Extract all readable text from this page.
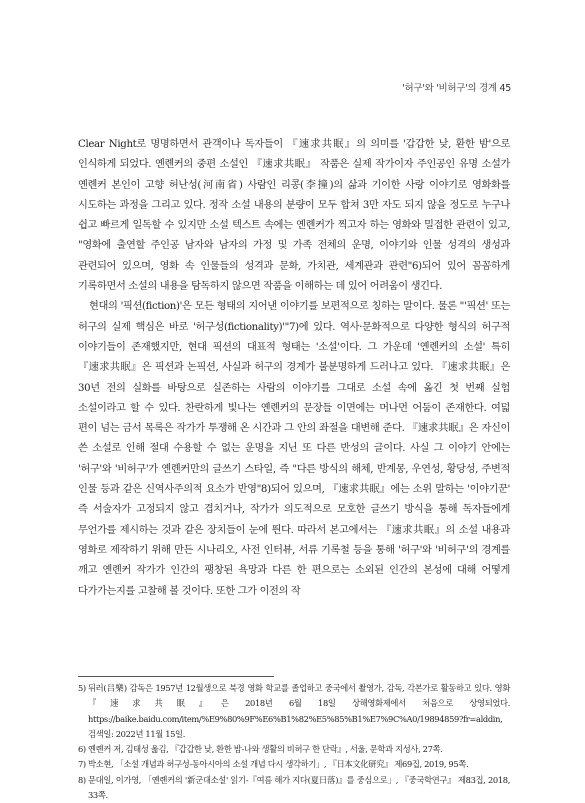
'허구'와 '비허구'의 경계 45

Clear Night로 명명하면서 관객이나 독자들이 『速求共眠』의 의미를 '갑갑한 낮, 환한 밤'으로 인식하게 되었다. 옌롄커의 중편 소설인 『速求共眠』 작품은 실제 작가이자 주인공인 유명 소설가 옌롄커 본인이 고향 허난성(河南省) 사람인 리콩(李撞)의 삶과 기이한 사랑 이야기로 영화화를 시도하는 과정을 그리고 있다. 정작 소설 내용의 분량이 모두 합쳐 3만 자도 되지 않을 정도로 누구나 쉽고 빠르게 일독할 수 있지만 소설 텍스트 속에는 옌롄커가 찍고자 하는 영화와 밀접한 관련이 있고, "영화에 출연할 주인공 남자와 남자의 가정 및 가족 전체의 운명, 이야기와 인물 성격의 생성과 관련되어 있으며, 영화 속 인물들의 성격과 문화, 가치관, 세계관과 관련"6)되어 있어 꼼꼼하게 기록하면서 소설의 내용을 탐독하지 않으면 작품을 이해하는 데 있어 어려움이 생긴다.

현대의 '픽션(fiction)'은 모든 형태의 지어낸 이야기를 보편적으로 칭하는 말이다. 물론 "'픽션' 또는 허구의 실제 핵심은 바로 '허구성(fictionality)'"7)에 있다. 역사·문화적으로 다양한 형식의 허구적 이야기들이 존재했지만, 현대 픽션의 대표적 형태는 '소설'이다. 그 가운데 '옌롄커의 소설' 특히 『速求共眠』은 픽션과 논픽션, 사실과 허구의 경계가 불분명하게 드러나고 있다. 『速求共眠』은 30년 전의 실화를 바탕으로 실존하는 사람의 이야기를 그대로 소설 속에 옮긴 첫 번째 실험 소설이라고 할 수 있다. 찬란하게 빛나는 옌롄커의 문장들 이면에는 머나먼 어둠이 존재한다. 여덟 편이 넘는 금서 목록은 작가가 투쟁해 온 시간과 그 안의 좌절을 대변해 준다. 『速求共眠』은 자신이 쓴 소설로 인해 절대 수용할 수 없는 운명을 지닌 또 다른 반성의 글이다. 사실 그 이야기 안에는 '허구'와 '비허구'가 옌롄커만의 글쓰기 스타일, 즉 "다른 방식의 해체, 반계몽, 우연성, 황당성, 주변적 인물 등과 같은 신역사주의적 요소가 반영"8)되어 있으며, 『速求共眠』에는 소위 말하는 '이야기꾼' 즉 서술자가 고정되지 않고 겹치거나, 작가가 의도적으로 모호한 글쓰기 방식을 통해 독자들에게 무언가를 제시하는 것과 같은 장치들이 눈에 띈다. 따라서 본고에서는 『速求共眠』의 소설 내용과 영화로 제작하기 위해 만든 시나리오, 사전 인터뷰, 서류 기록철 등을 통해 '허구'와 '비허구'의 경계를 깨고 옌롄커 작가가 인간의 팽창된 욕망과 다른 한 편으로는 소외된 인간의 본성에 대해 어떻게 다가가는지를 고찰해 볼 것이다. 또한 그가 이전의 작

5) 뒤러(吕樂) 감독은 1957년 12월생으로 북경 영화 학교를 졸업하고 중국에서 촬영가, 감독, 각본가로 활동하고 있다. 영화 『速求共眠』은 2018년 6월 18일 상해영화제에서 처음으로 상영되었다. https://baike.baidu.com/item/%E9%80%9F%E6%B1%82%E5%85%B1%E7%9C%A0/19894859?fr=alddin, 검색일: 2022년 11월 15일.
6) 옌롄커 저, 김태성 옮김, 『갑갑한 낮, 환한 밤-나와 생활의 비허구 한 단락』, 서울, 문학과 지성사, 27쪽.
7) 박소현, 「소설 개념과 허구성-동아시아의 소설 개념 다시 생각하기」, 『日本文化研究』 제69집, 2019, 95쪽.
8) 문대일, 이가영, 「옌롄커의 '新군대소설' 읽기-『여름 해가 지다(夏日落)』를 중심으로」, 『중국학연구』 제83집, 2018, 33쪽.
